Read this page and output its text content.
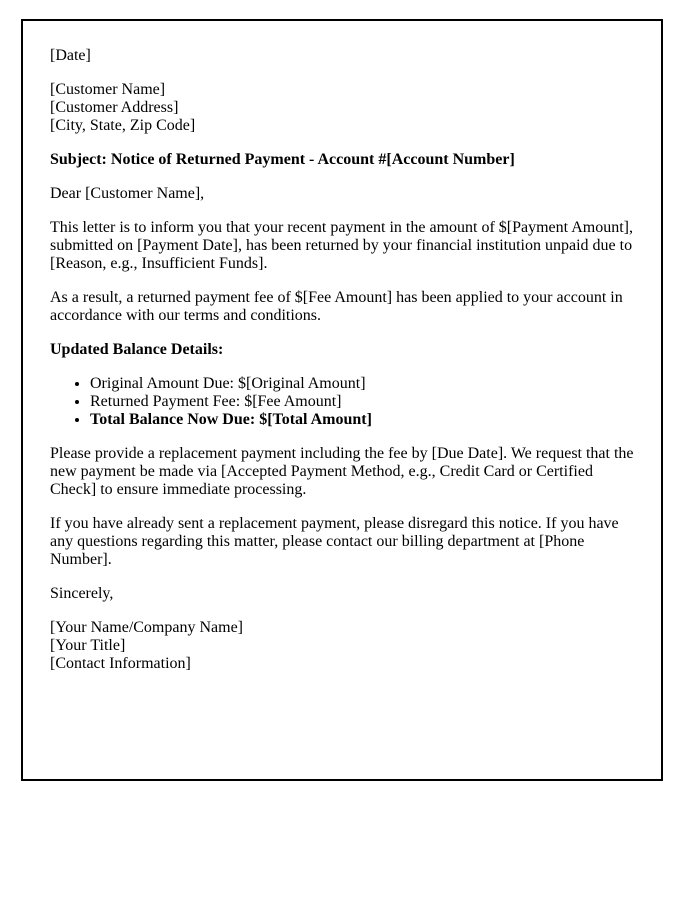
[Date]

[Customer Name]
[Customer Address]
[City, State, Zip Code]

Subject: Notice of Returned Payment - Account #[Account Number]

Dear [Customer Name],

This letter is to inform you that your recent payment in the amount of $[Payment Amount], submitted on [Payment Date], has been returned by your financial institution unpaid due to [Reason, e.g., Insufficient Funds].

As a result, a returned payment fee of $[Fee Amount] has been applied to your account in accordance with our terms and conditions.

Updated Balance Details:

• Original Amount Due: $[Original Amount]
• Returned Payment Fee: $[Fee Amount]
• Total Balance Now Due: $[Total Amount]

Please provide a replacement payment including the fee by [Due Date]. We request that the new payment be made via [Accepted Payment Method, e.g., Credit Card or Certified Check] to ensure immediate processing.

If you have already sent a replacement payment, please disregard this notice. If you have any questions regarding this matter, please contact our billing department at [Phone Number].

Sincerely,

[Your Name/Company Name]
[Your Title]
[Contact Information]
